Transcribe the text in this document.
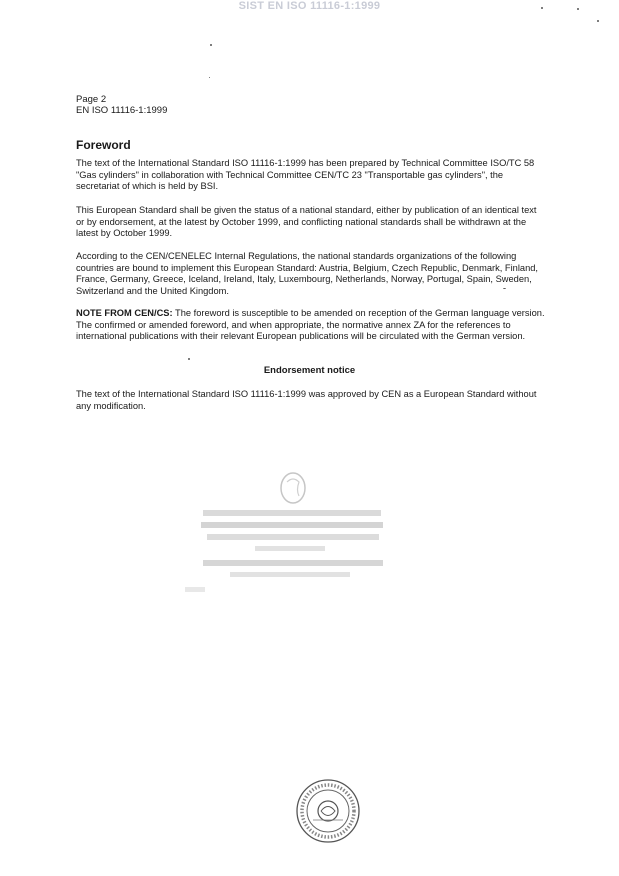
SIST EN ISO 11116-1:1999
Page 2
EN ISO 11116-1:1999
Foreword
The text of the International Standard ISO 11116-1:1999 has been prepared by Technical Committee ISO/TC 58 "Gas cylinders" in collaboration with Technical Committee CEN/TC 23 "Transportable gas cylinders", the secretariat of which is held by BSI.
This European Standard shall be given the status of a national standard, either by publication of an identical text or by endorsement, at the latest by October 1999, and conflicting national standards shall be withdrawn at the latest by October 1999.
According to the CEN/CENELEC Internal Regulations, the national standards organizations of the following countries are bound to implement this European Standard: Austria, Belgium, Czech Republic, Denmark, Finland, France, Germany, Greece, Iceland, Ireland, Italy, Luxembourg, Netherlands, Norway, Portugal, Spain, Sweden, Switzerland and the United Kingdom.
NOTE FROM CEN/CS: The foreword is susceptible to be amended on reception of the German language version. The confirmed or amended foreword, and when appropriate, the normative annex ZA for the references to international publications with their relevant European publications will be circulated with the German version.
Endorsement notice
The text of the International Standard ISO 11116-1:1999 was approved by CEN as a European Standard without any modification.
